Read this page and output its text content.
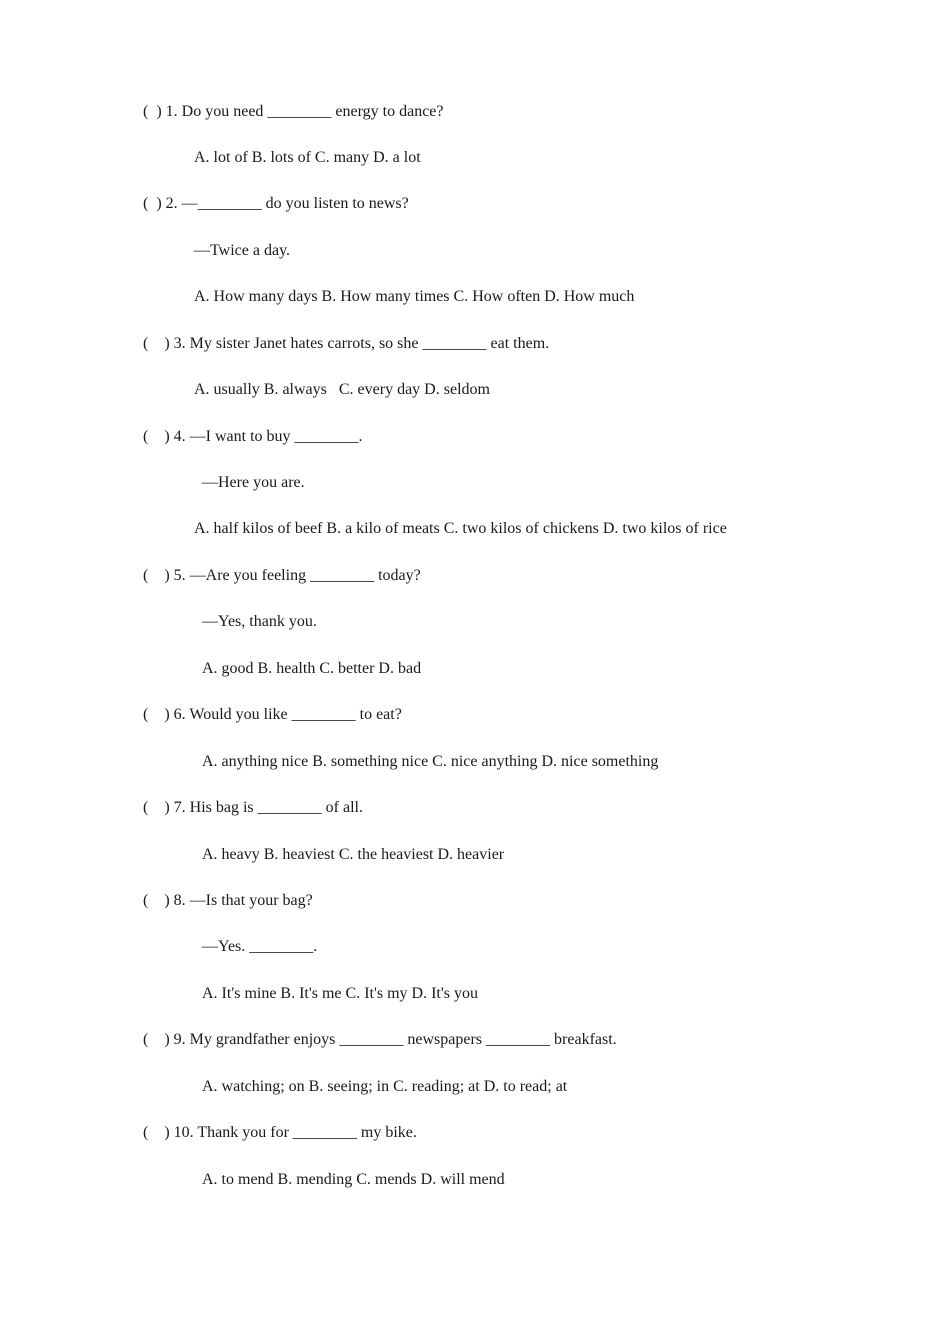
(  ) 1. Do you need ________ energy to dance?
A. lot of B. lots of C. many D. a lot
(  ) 2. —________ do you listen to news?
—Twice a day.
A. How many days B. How many times C. How often D. How much
(    ) 3. My sister Janet hates carrots, so she ________ eat them.
A. usually B. always   C. every day D. seldom
(    ) 4. —I want to buy ________.
—Here you are.
A. half kilos of beef B. a kilo of meats C. two kilos of chickens D. two kilos of rice
(    ) 5. —Are you feeling ________ today?
—Yes, thank you.
A. good B. health C. better D. bad
(    ) 6. Would you like ________ to eat?
A. anything nice B. something nice C. nice anything D. nice something
(    ) 7. His bag is ________ of all.
A. heavy B. heaviest C. the heaviest D. heavier
(    ) 8. —Is that your bag?
—Yes. ________.
A. It's mine B. It's me C. It's my D. It's you
(    ) 9. My grandfather enjoys ________ newspapers ________ breakfast.
A. watching; on B. seeing; in C. reading; at D. to read; at
(    ) 10. Thank you for ________ my bike.
A. to mend B. mending C. mends D. will mend
